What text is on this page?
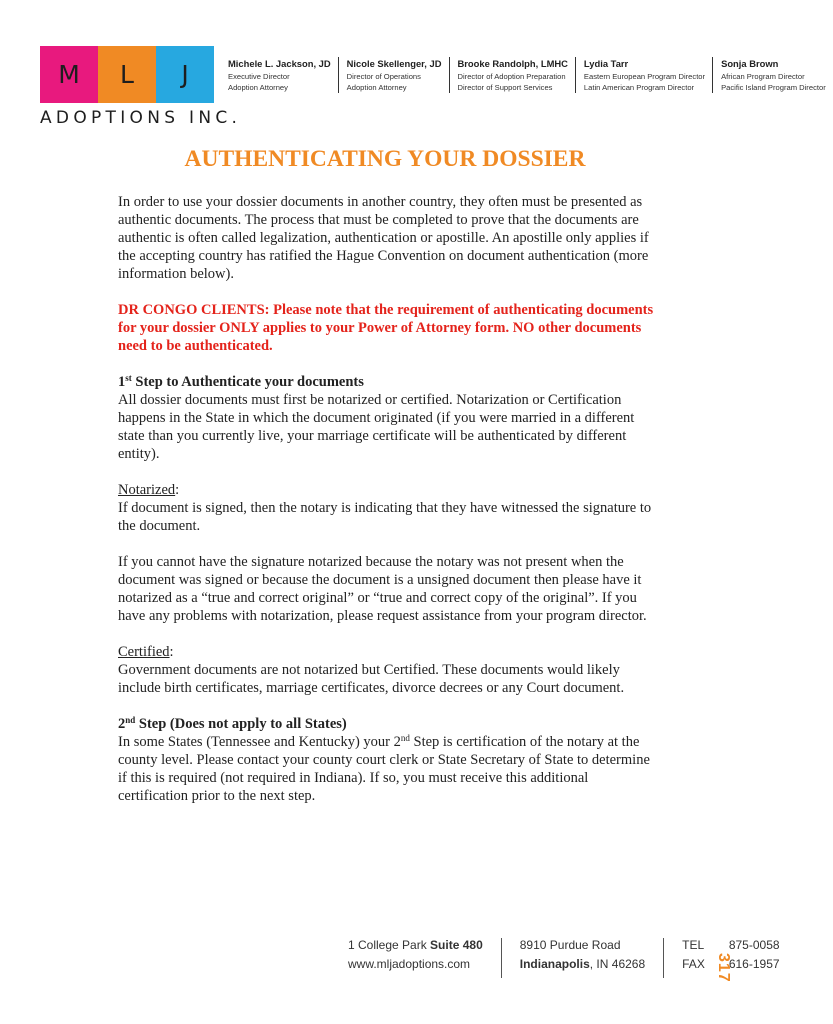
M	L	J
ADOPTIONS INC.
Michele L. Jackson, JD
Executive Director
Adoption Attorney
Nicole Skellenger, JD
Director of Operations
Adoption Attorney
Brooke Randolph, LMHC
Director of Adoption Preparation
Director of Support Services
Lydia Tarr
Eastern European Program Director
Latin American Program Director
Sonja Brown
African Program Director
Pacific Island Program Director
AUTHENTICATING YOUR DOSSIER

In order to use your dossier documents in another country, they often must be presented as authentic documents. The process that must be completed to prove that the documents are authentic is often called legalization, authentication or apostille. An apostille only applies if the accepting country has ratified the Hague Convention on document authentication (more information below).

DR CONGO CLIENTS: Please note that the requirement of authenticating documents for your dossier ONLY applies to your Power of Attorney form. NO other documents need to be authenticated.

1st Step to Authenticate your documents
All dossier documents must first be notarized or certified. Notarization or Certification happens in the State in which the document originated (if you were married in a different state than you currently live, your marriage certificate will be authenticated by different entity).

Notarized:
If document is signed, then the notary is indicating that they have witnessed the signature to the document.

If you cannot have the signature notarized because the notary was not present when the document was signed or because the document is a unsigned document then please have it notarized as a “true and correct original” or “true and correct copy of the original”. If you have any problems with notarization, please request assistance from your program director.

Certified:
Government documents are not notarized but Certified. These documents would likely include birth certificates, marriage certificates, divorce decrees or any Court document.

2nd Step (Does not apply to all States)
In some States (Tennessee and Kentucky) your 2nd Step is certification of the notary at the county level. Please contact your county court clerk or State Secretary of State to determine if this is required (not required in Indiana). If so, you must receive this additional certification prior to the next step.

1 College Park Suite 480
www.mljadoptions.com
8910 Purdue Road
Indianapolis, IN 46268
TEL
FAX 317
875-0058
616-1957
